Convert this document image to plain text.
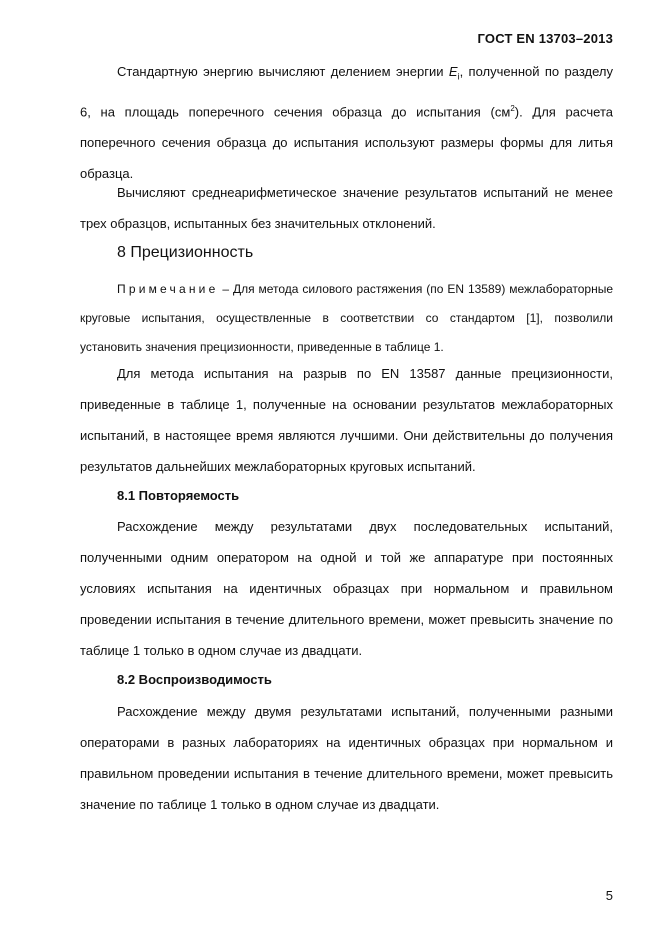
ГОСТ EN 13703–2013

Стандартную энергию вычисляют делением энергии $E_i$, полученной по разделу 6, на площадь поперечного сечения образца до испытания $(см^2)$. Для расчета поперечного сечения образца до испытания используют размеры формы для литья образца.

Вычисляют среднеарифметическое значение результатов испытаний не менее трех образцов, испытанных без значительных отклонений.

8 Прецизионность

Примечание – Для метода силового растяжения (по EN 13589) межлабораторные круговые испытания, осуществленные в соответствии со стандартом [1], позволили установить значения прецизионности, приведенные в таблице 1.

Для метода испытания на разрыв по EN 13587 данные прецизионности, приведенные в таблице 1, полученные на основании результатов межлабораторных испытаний, в настоящее время являются лучшими. Они действительны до получения результатов дальнейших межлабораторных круговых испытаний.

8.1 Повторяемость

Расхождение между результатами двух последовательных испытаний, полученными одним оператором на одной и той же аппаратуре при постоянных условиях испытания на идентичных образцах при нормальном и правильном проведении испытания в течение длительного времени, может превысить значение по таблице 1 только в одном случае из двадцати.

8.2 Воспроизводимость

Расхождение между двумя результатами испытаний, полученными разными операторами в разных лабораториях на идентичных образцах при нормальном и правильном проведении испытания в течение длительного времени, может превысить значение по таблице 1 только в одном случае из двадцати.

5
